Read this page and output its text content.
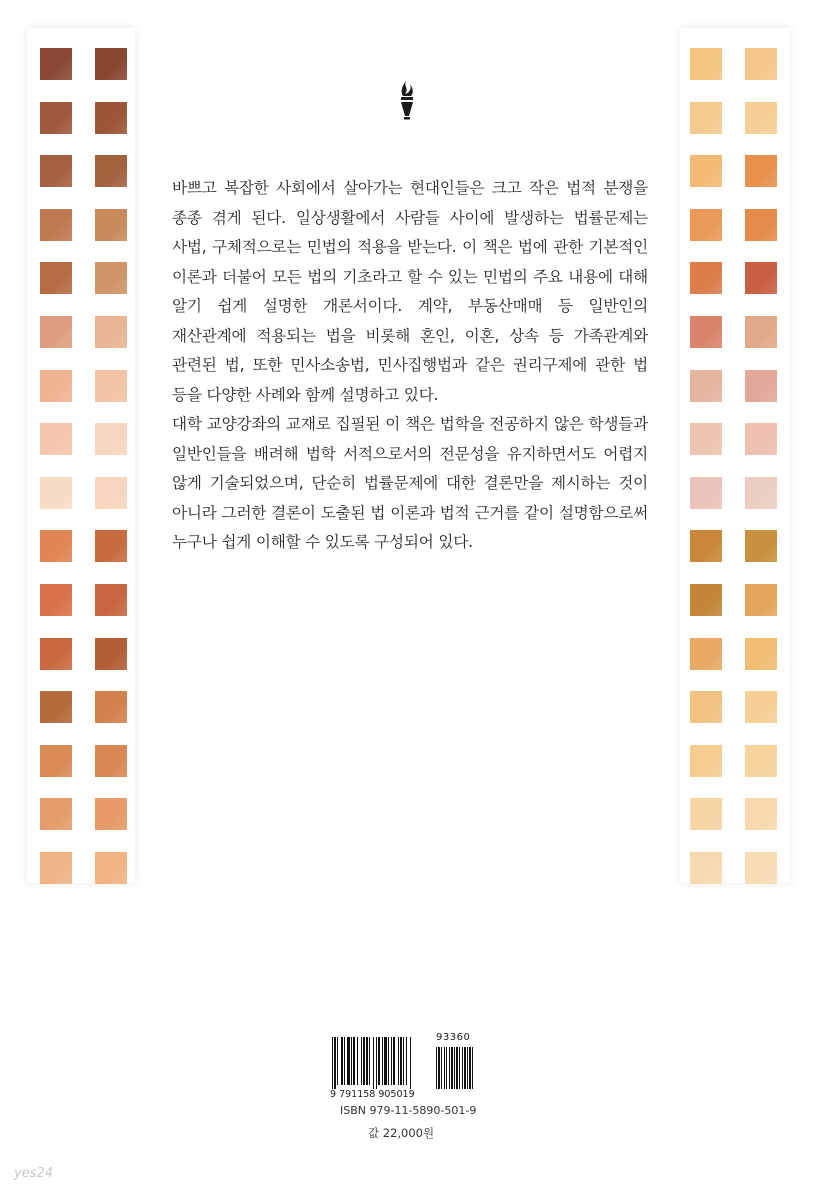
바쁘고 복잡한 사회에서 살아가는 현대인들은 크고 작은 법적 분쟁을 종종 겪게 된다. 일상생활에서 사람들 사이에 발생하는 법률문제는 사법, 구체적으로는 민법의 적용을 받는다. 이 책은 법에 관한 기본적인 이론과 더불어 모든 법의 기초라고 할 수 있는 민법의 주요 내용에 대해 알기 쉽게 설명한 개론서이다. 계약, 부동산매매 등 일반인의 재산관계에 적용되는 법을 비롯해 혼인, 이혼, 상속 등 가족관계와 관련된 법, 또한 민사소송법, 민사집행법과 같은 권리구제에 관한 법 등을 다양한 사례와 함께 설명하고 있다.

대학 교양강좌의 교재로 집필된 이 책은 법학을 전공하지 않은 학생들과 일반인들을 배려해 법학 서적으로서의 전문성을 유지하면서도 어렵지 않게 기술되었으며, 단순히 법률문제에 대한 결론만을 제시하는 것이 아니라 그러한 결론이 도출된 법 이론과 법적 근거를 같이 설명함으로써 누구나 쉽게 이해할 수 있도록 구성되어 있다.

93360
9 791158 905019
ISBN 979-11-5890-501-9
값 22,000원
yes24
